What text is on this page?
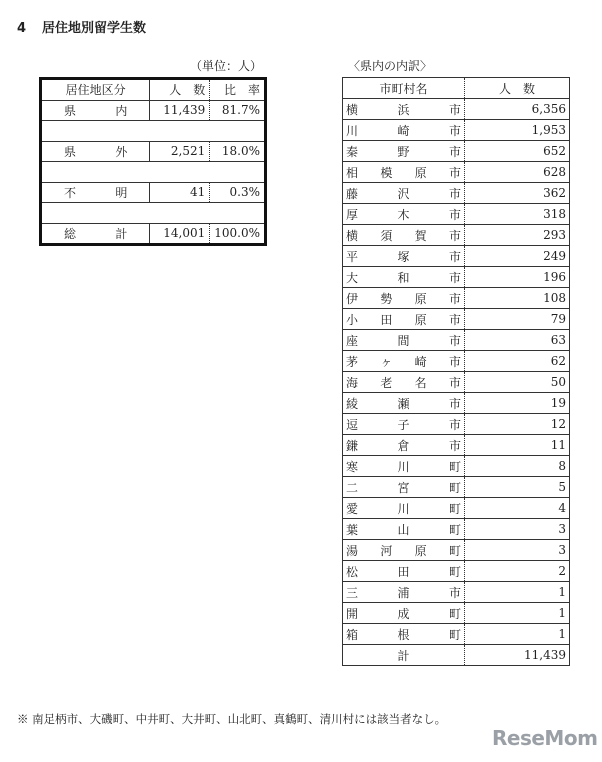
4 居住地別留学生数
（単位：人）	〈県内の内訳〉
居住地区分	人　数	比　率
県内	11,439	81.7%

県外	2,521	18.0%

不明	41	0.3%

総計	14,001	100.0%
市町村名	人　数
横浜市	6,356
川崎市	1,953
秦野市	652
相模原市	628
藤沢市	362
厚木市	318
横須賀市	293
平塚市	249
大和市	196
伊勢原市	108
小田原市	79
座間市	63
茅ヶ崎市	62
海老名市	50
綾瀬市	19
逗子市	12
鎌倉市	11
寒川町	8
二宮町	5
愛川町	4
葉山町	3
湯河原町	3
松田町	2
三浦市	1
開成町	1
箱根町	1
計	11,439
※ 南足柄市、大磯町、中井町、大井町、山北町、真鶴町、清川村には該当者なし。
ReseMom
